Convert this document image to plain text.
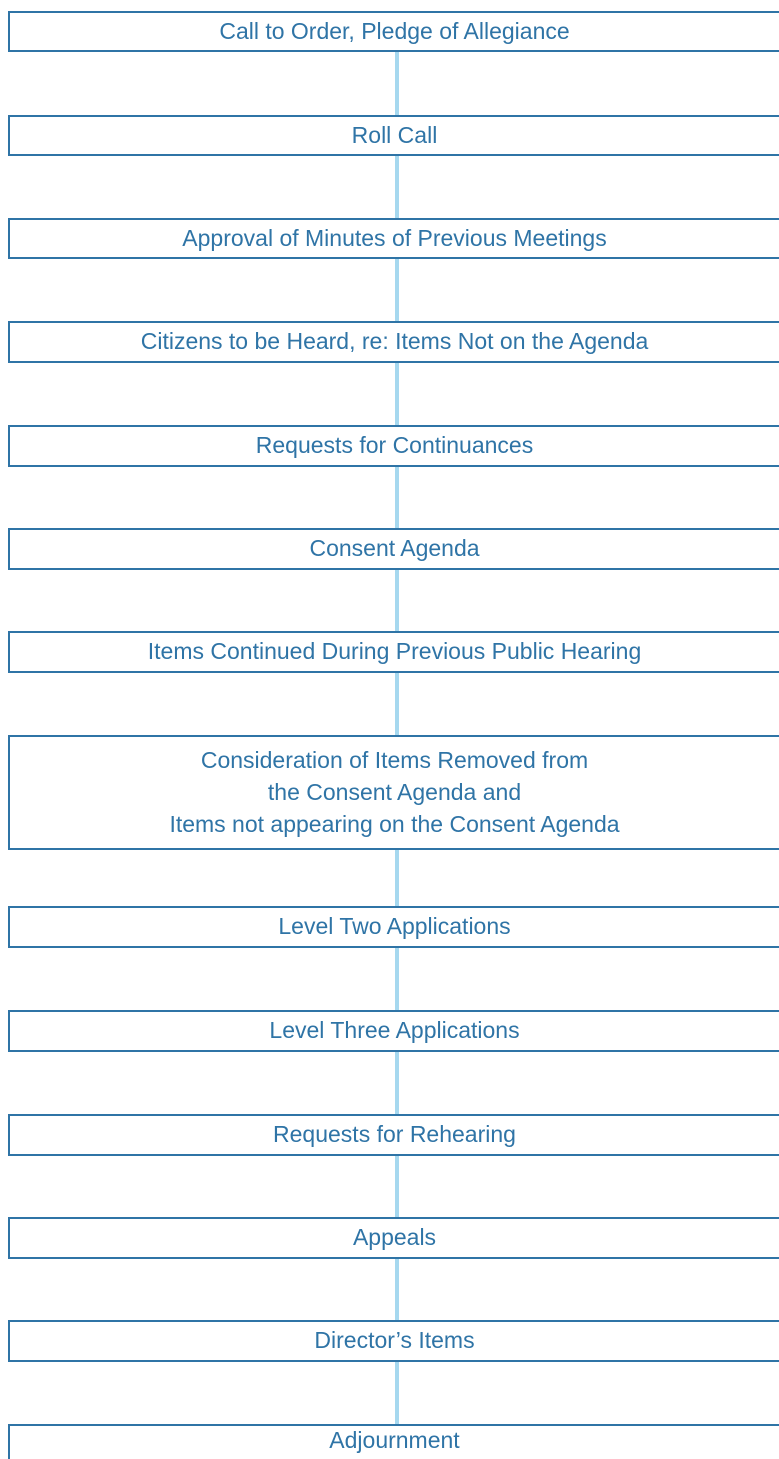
Call to Order, Pledge of Allegiance
Roll Call
Approval of Minutes of Previous Meetings
Citizens to be Heard, re: Items Not on the Agenda
Requests for Continuances
Consent Agenda
Items Continued During Previous Public Hearing
Consideration of Items Removed from
the Consent Agenda and
Items not appearing on the Consent Agenda
Level Two Applications
Level Three Applications
Requests for Rehearing
Appeals
Director’s Items
Adjournment
